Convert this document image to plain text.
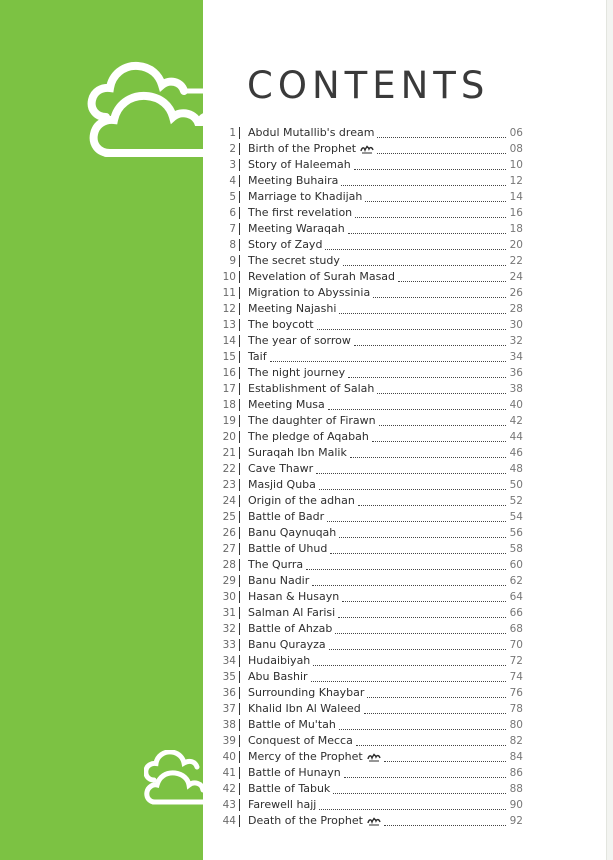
CONTENTS
1 Abdul Mutallib's dream	06
2 Birth of the Prophet	08
3 Story of Haleemah	10
4 Meeting Buhaira	12
5 Marriage to Khadijah	14
6 The first revelation	16
7 Meeting Waraqah	18
8 Story of Zayd	20
9 The secret study	22
10 Revelation of Surah Masad	24
11 Migration to Abyssinia	26
12 Meeting Najashi	28
13 The boycott	30
14 The year of sorrow	32
15 Taif	34
16 The night journey	36
17 Establishment of Salah	38
18 Meeting Musa	40
19 The daughter of Firawn	42
20 The pledge of Aqabah	44
21 Suraqah Ibn Malik	46
22 Cave Thawr	48
23 Masjid Quba	50
24 Origin of the adhan	52
25 Battle of Badr	54
26 Banu Qaynuqah	56
27 Battle of Uhud	58
28 The Qurra	60
29 Banu Nadir	62
30 Hasan & Husayn	64
31 Salman Al Farisi	66
32 Battle of Ahzab	68
33 Banu Qurayza	70
34 Hudaibiyah	72
35 Abu Bashir	74
36 Surrounding Khaybar	76
37 Khalid Ibn Al Waleed	78
38 Battle of Mu'tah	80
39 Conquest of Mecca	82
40 Mercy of the Prophet	84
41 Battle of Hunayn	86
42 Battle of Tabuk	88
43 Farewell hajj	90
44 Death of the Prophet	92
